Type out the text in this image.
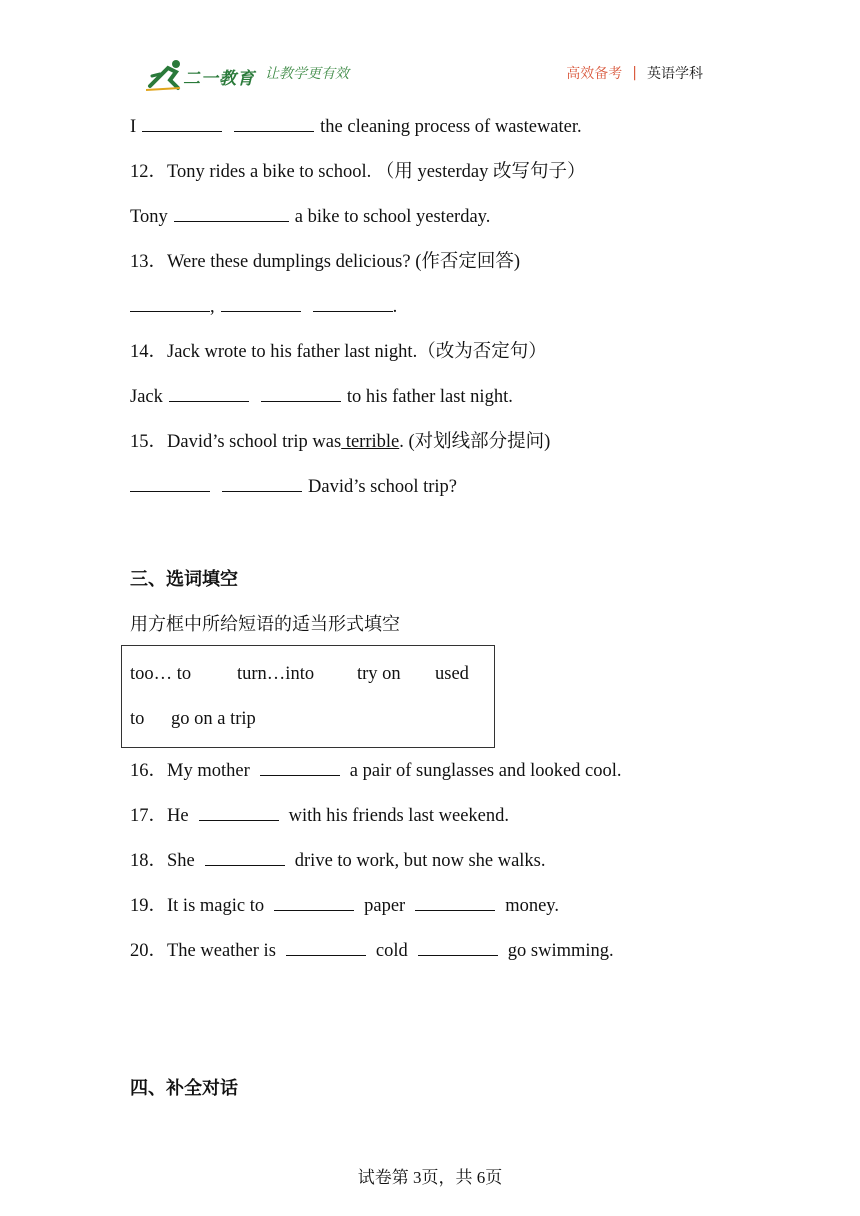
二一教育 让教学更有效	高效备考 | 英语学科
I	the cleaning process of wastewater.
12．Tony rides a bike to school. （用 yesterday 改写句子）
Tony	a bike to school yesterday.
13．Were these dumplings delicious? (作否定回答)
,	.
14．Jack wrote to his father last night.（改为否定句）
Jack	to his father last night.
15．David’s school trip was terrible. (对划线部分提问)
David’s school trip?
三、选词填空
用方框中所给短语的适当形式填空
too… to turn…into try on used
to go on a trip
16．My mother	a pair of sunglasses and looked cool.
17．He	with his friends last weekend.
18．She	drive to work, but now she walks.
19．It is magic to	paper	money.
20．The weather is	cold	go swimming.
四、补全对话
试卷第 3页，共 6页
